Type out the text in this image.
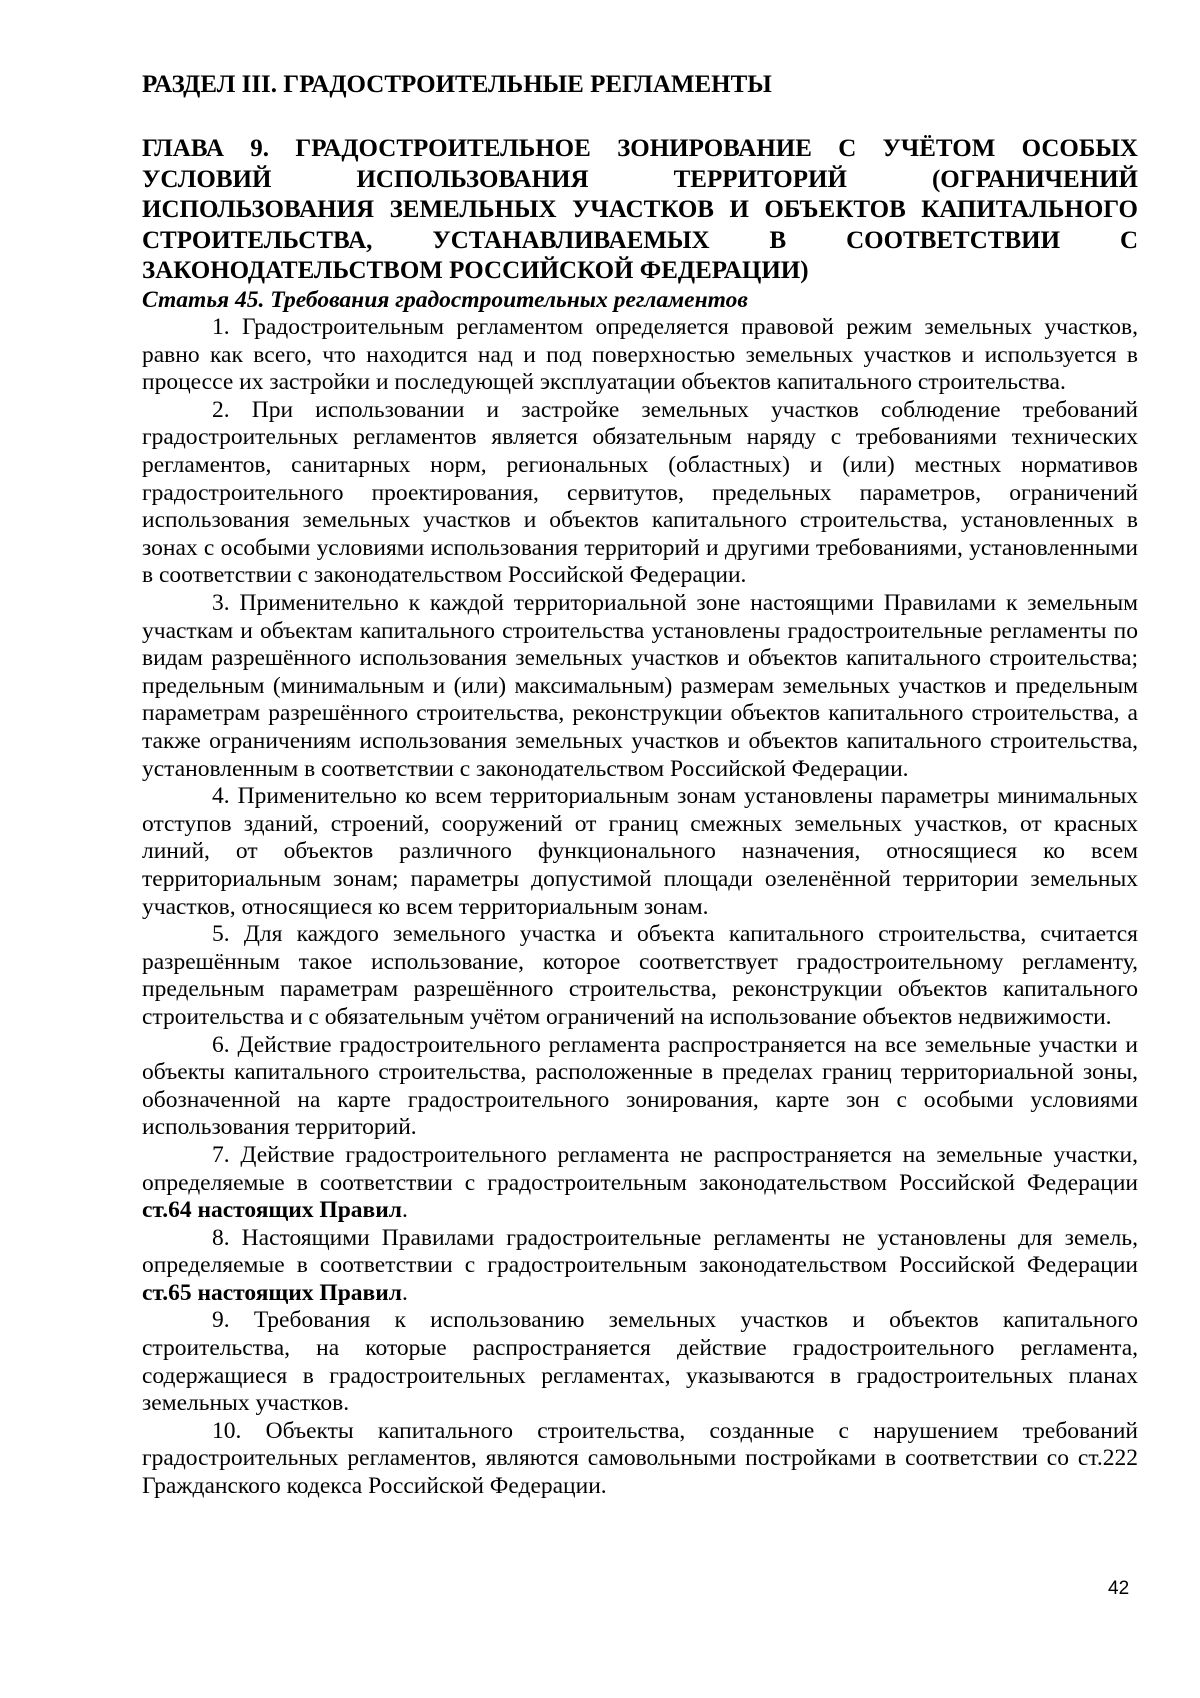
РАЗДЕЛ III. ГРАДОСТРОИТЕЛЬНЫЕ РЕГЛАМЕНТЫ
ГЛАВА 9. ГРАДОСТРОИТЕЛЬНОЕ ЗОНИРОВАНИЕ С УЧЁТОМ ОСОБЫХ УСЛОВИЙ ИСПОЛЬЗОВАНИЯ ТЕРРИТОРИЙ (ОГРАНИЧЕНИЙ ИСПОЛЬЗОВАНИЯ ЗЕМЕЛЬНЫХ УЧАСТКОВ И ОБЪЕКТОВ КАПИТАЛЬНОГО СТРОИТЕЛЬСТВА, УСТАНАВЛИВАЕМЫХ В СООТВЕТСТВИИ С ЗАКОНОДАТЕЛЬСТВОМ РОССИЙСКОЙ ФЕДЕРАЦИИ)
Статья 45. Требования градостроительных регламентов

1. Градостроительным регламентом определяется правовой режим земельных участков, равно как всего, что находится над и под поверхностью земельных участков и используется в процессе их застройки и последующей эксплуатации объектов капитального строительства.

2. При использовании и застройке земельных участков соблюдение требований градостроительных регламентов является обязательным наряду с требованиями технических регламентов, санитарных норм, региональных (областных) и (или) местных нормативов градостроительного проектирования, сервитутов, предельных параметров, ограничений использования земельных участков и объектов капитального строительства, установленных в зонах с особыми условиями использования территорий и другими требованиями, установленными в соответствии с законодательством Российской Федерации.

3. Применительно к каждой территориальной зоне настоящими Правилами к земельным участкам и объектам капитального строительства установлены градостроительные регламенты по видам разрешённого использования земельных участков и объектов капитального строительства; предельным (минимальным и (или) максимальным) размерам земельных участков и предельным параметрам разрешённого строительства, реконструкции объектов капитального строительства, а также ограничениям использования земельных участков и объектов капитального строительства, установленным в соответствии с законодательством Российской Федерации.

4. Применительно ко всем территориальным зонам установлены параметры минимальных отступов зданий, строений, сооружений от границ смежных земельных участков, от красных линий, от объектов различного функционального назначения, относящиеся ко всем территориальным зонам; параметры допустимой площади озеленённой территории земельных участков, относящиеся ко всем территориальным зонам.

5. Для каждого земельного участка и объекта капитального строительства, считается разрешённым такое использование, которое соответствует градостроительному регламенту, предельным параметрам разрешённого строительства, реконструкции объектов капитального строительства и с обязательным учётом ограничений на использование объектов недвижимости.

6. Действие градостроительного регламента распространяется на все земельные участки и объекты капитального строительства, расположенные в пределах границ территориальной зоны, обозначенной на карте градостроительного зонирования, карте зон с особыми условиями использования территорий.

7. Действие градостроительного регламента не распространяется на земельные участки, определяемые в соответствии с градостроительным законодательством Российской Федерации ст.64 настоящих Правил.

8. Настоящими Правилами градостроительные регламенты не установлены для земель, определяемые в соответствии с градостроительным законодательством Российской Федерации ст.65 настоящих Правил.

9. Требования к использованию земельных участков и объектов капитального строительства, на которые распространяется действие градостроительного регламента, содержащиеся в градостроительных регламентах, указываются в градостроительных планах земельных участков.

10. Объекты капитального строительства, созданные с нарушением требований градостроительных регламентов, являются самовольными постройками в соответствии со ст.222 Гражданского кодекса Российской Федерации.

42
